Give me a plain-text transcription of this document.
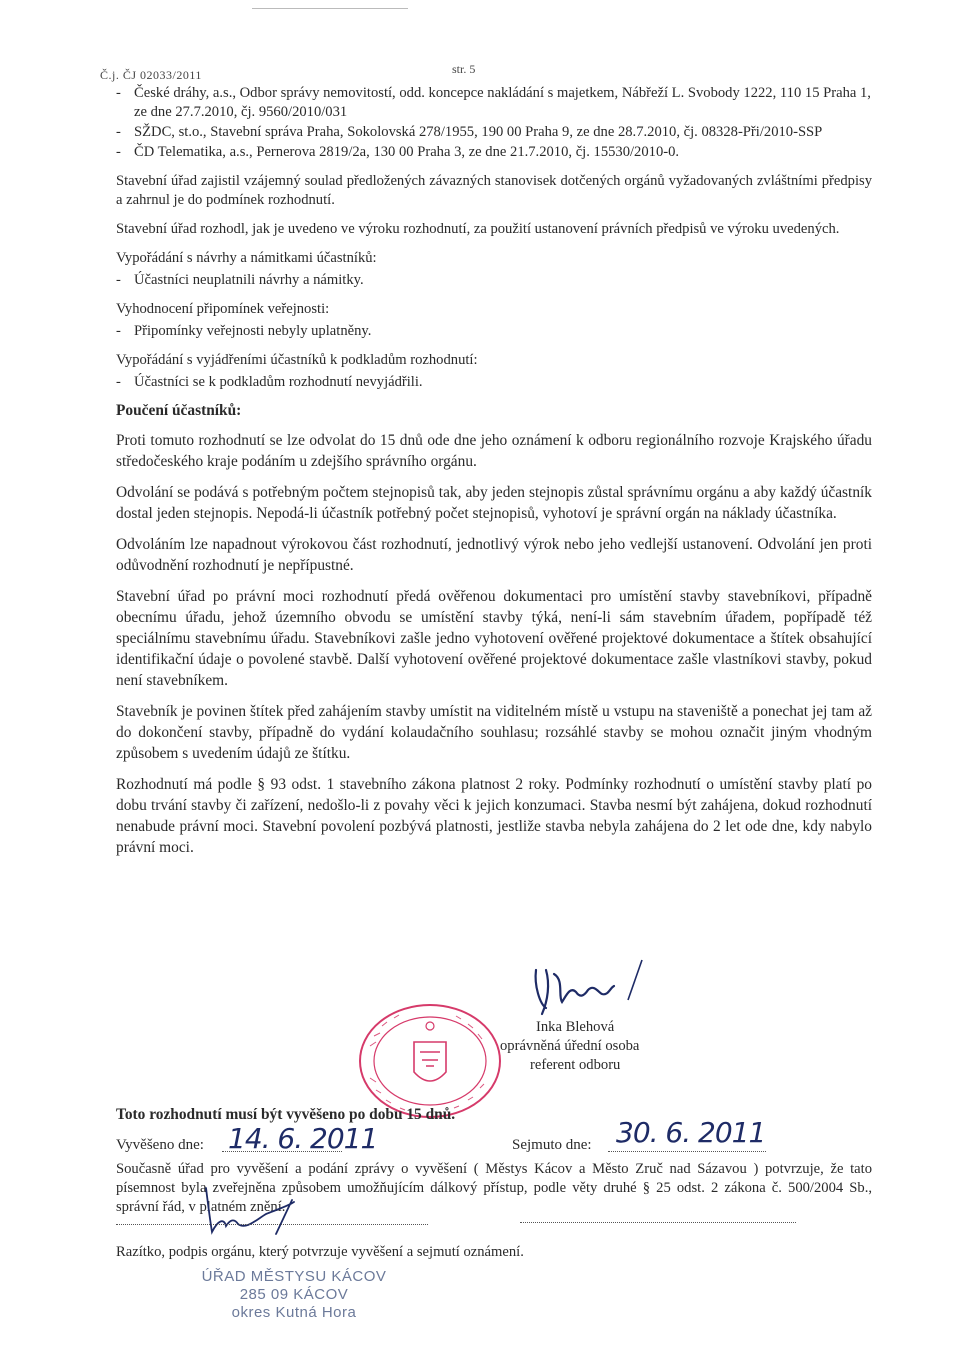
Č.j. ČJ 02033/2011	str. 5
- České dráhy, a.s., Odbor správy nemovitostí, odd. koncepce nakládání s majetkem, Nábřeží L. Svobody 1222, 110 15 Praha 1, ze dne 27.7.2010, čj. 9560/2010/031
- SŽDC, st.o., Stavební správa Praha, Sokolovská 278/1955, 190 00 Praha 9, ze dne 28.7.2010, čj. 08328-Při/2010-SSP
- ČD Telematika, a.s., Pernerova 2819/2a, 130 00 Praha 3, ze dne 21.7.2010, čj. 15530/2010-0.
Stavební úřad zajistil vzájemný soulad předložených závazných stanovisek dotčených orgánů vyžadovaných zvláštními předpisy a zahrnul je do podmínek rozhodnutí.
Stavební úřad rozhodl, jak je uvedeno ve výroku rozhodnutí, za použití ustanovení právních předpisů ve výroku uvedených.
Vypořádání s návrhy a námitkami účastníků:
- Účastníci neuplatnili návrhy a námitky.
Vyhodnocení připomínek veřejnosti:
- Připomínky veřejnosti nebyly uplatněny.
Vypořádání s vyjádřeními účastníků k podkladům rozhodnutí:
- Účastníci se k podkladům rozhodnutí nevyjádřili.
Poučení účastníků:
Proti tomuto rozhodnutí se lze odvolat do 15 dnů ode dne jeho oznámení k odboru regionálního rozvoje Krajského úřadu středočeského kraje podáním u zdejšího správního orgánu.
Odvolání se podává s potřebným počtem stejnopisů tak, aby jeden stejnopis zůstal správnímu orgánu a aby každý účastník dostal jeden stejnopis. Nepodá-li účastník potřebný počet stejnopisů, vyhotoví je správní orgán na náklady účastníka.
Odvoláním lze napadnout výrokovou část rozhodnutí, jednotlivý výrok nebo jeho vedlejší ustanovení. Odvolání jen proti odůvodnění rozhodnutí je nepřípustné.
Stavební úřad po právní moci rozhodnutí předá ověřenou dokumentaci pro umístění stavby stavebníkovi, případně obecnímu úřadu, jehož územního obvodu se umístění stavby týká, není-li sám stavebním úřadem, popřípadě též speciálnímu stavebnímu úřadu. Stavebníkovi zašle jedno vyhotovení ověřené projektové dokumentace a štítek obsahující identifikační údaje o povolené stavbě. Další vyhotovení ověřené projektové dokumentace zašle vlastníkovi stavby, pokud není stavebníkem.
Stavebník je povinen štítek před zahájením stavby umístit na viditelném místě u vstupu na staveniště a ponechat jej tam až do dokončení stavby, případně do vydání kolaudačního souhlasu; rozsáhlé stavby se mohou označit jiným vhodným způsobem s uvedením údajů ze štítku.
Rozhodnutí má podle § 93 odst. 1 stavebního zákona platnost 2 roky. Podmínky rozhodnutí o umístění stavby platí po dobu trvání stavby či zařízení, nedošlo-li z povahy věci k jejich konzumaci. Stavba nesmí být zahájena, dokud rozhodnutí nenabude právní moci. Stavební povolení pozbývá platnosti, jestliže stavba nebyla zahájena do 2 let ode dne, kdy nabylo právní moci.
Inka Blehová
oprávněná úřední osoba
referent odboru
Toto rozhodnutí musí být vyvěšeno po dobu 15 dnů.
Vyvěšeno dne: 14. 6. 2011	Sejmuto dne: 30. 6. 2011
Současně úřad pro vyvěšení a podání zprávy o vyvěšení ( Městys Kácov a Město Zruč nad Sázavou ) potvrzuje, že tato písemnost byla zveřejněna způsobem umožňujícím dálkový přístup, podle věty druhé § 25 odst. 2 zákona č. 500/2004 Sb., správní řád, v platném znění.
Razítko, podpis orgánu, který potvrzuje vyvěšení a sejmutí oznámení.
ÚŘAD MĚSTYSU KÁCOV
285 09 KÁCOV
okres Kutná Hora
